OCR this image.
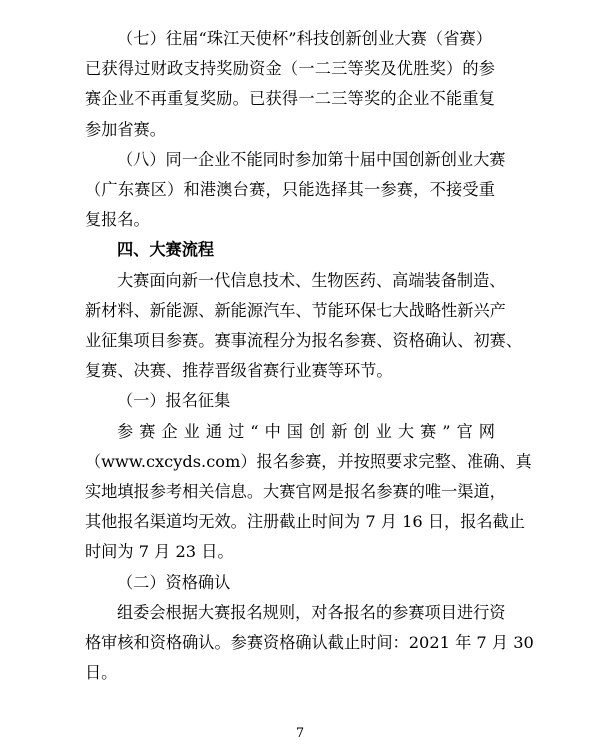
（七）往届“珠江天使杯”科技创新创业大赛（省赛）
已获得过财政支持奖励资金（一二三等奖及优胜奖）的参
赛企业不再重复奖励。已获得一二三等奖的企业不能重复
参加省赛。
（八）同一企业不能同时参加第十届中国创新创业大赛
（广东赛区）和港澳台赛，只能选择其一参赛，不接受重
复报名。
四、大赛流程
大赛面向新一代信息技术、生物医药、高端装备制造、
新材料、新能源、新能源汽车、节能环保七大战略性新兴产
业征集项目参赛。赛事流程分为报名参赛、资格确认、初赛、
复赛、决赛、推荐晋级省赛行业赛等环节。
（一）报名征集
参赛企业通过“中国创新创业大赛”官网
（www.cxcyds.com）报名参赛，并按照要求完整、准确、真
实地填报参考相关信息。大赛官网是报名参赛的唯一渠道，
其他报名渠道均无效。注册截止时间为 7 月 16 日，报名截止
时间为 7 月 23 日。
（二）资格确认
组委会根据大赛报名规则，对各报名的参赛项目进行资
格审核和资格确认。参赛资格确认截止时间：2021 年 7 月 30
日。
7
